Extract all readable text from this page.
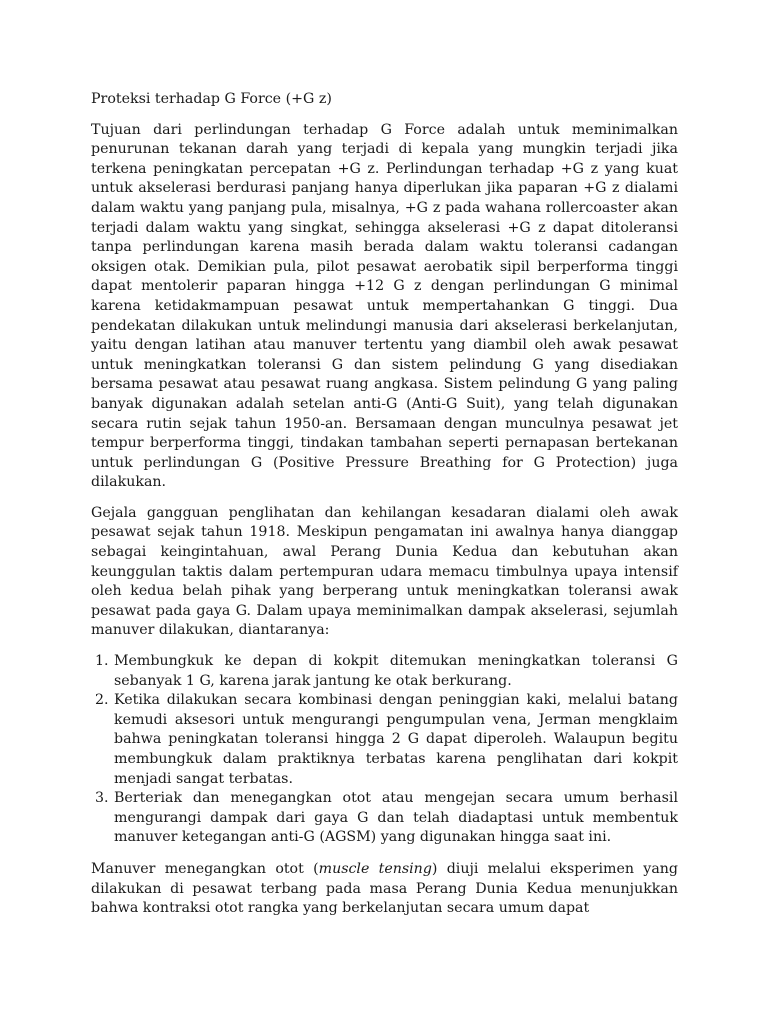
Proteksi terhadap G Force (+G z)

Tujuan dari perlindungan terhadap G Force adalah untuk meminimalkan penurunan tekanan darah yang terjadi di kepala yang mungkin terjadi jika terkena peningkatan percepatan +G z. Perlindungan terhadap +G z yang kuat untuk akselerasi berdurasi panjang hanya diperlukan jika paparan +G z dialami dalam waktu yang panjang pula, misalnya, +G z pada wahana rollercoaster akan terjadi dalam waktu yang singkat, sehingga akselerasi +G z dapat ditoleransi tanpa perlindungan karena masih berada dalam waktu toleransi cadangan oksigen otak. Demikian pula, pilot pesawat aerobatik sipil berperforma tinggi dapat mentolerir paparan hingga +12 G z dengan perlindungan G minimal karena ketidakmampuan pesawat untuk mempertahankan G tinggi. Dua pendekatan dilakukan untuk melindungi manusia dari akselerasi berkelanjutan, yaitu dengan latihan atau manuver tertentu yang diambil oleh awak pesawat untuk meningkatkan toleransi G dan sistem pelindung G yang disediakan bersama pesawat atau pesawat ruang angkasa. Sistem pelindung G yang paling banyak digunakan adalah setelan anti-G (Anti-G Suit), yang telah digunakan secara rutin sejak tahun 1950-an. Bersamaan dengan munculnya pesawat jet tempur berperforma tinggi, tindakan tambahan seperti pernapasan bertekanan untuk perlindungan G (Positive Pressure Breathing for G Protection) juga dilakukan.

Gejala gangguan penglihatan dan kehilangan kesadaran dialami oleh awak pesawat sejak tahun 1918. Meskipun pengamatan ini awalnya hanya dianggap sebagai keingintahuan, awal Perang Dunia Kedua dan kebutuhan akan keunggulan taktis dalam pertempuran udara memacu timbulnya upaya intensif oleh kedua belah pihak yang berperang untuk meningkatkan toleransi awak pesawat pada gaya G. Dalam upaya meminimalkan dampak akselerasi, sejumlah manuver dilakukan, diantaranya:

1. Membungkuk ke depan di kokpit ditemukan meningkatkan toleransi G sebanyak 1 G, karena jarak jantung ke otak berkurang.
2. Ketika dilakukan secara kombinasi dengan peninggian kaki, melalui batang kemudi aksesori untuk mengurangi pengumpulan vena, Jerman mengklaim bahwa peningkatan toleransi hingga 2 G dapat diperoleh. Walaupun begitu membungkuk dalam praktiknya terbatas karena penglihatan dari kokpit menjadi sangat terbatas.
3. Berteriak dan menegangkan otot atau mengejan secara umum berhasil mengurangi dampak dari gaya G dan telah diadaptasi untuk membentuk manuver ketegangan anti-G (AGSM) yang digunakan hingga saat ini.

Manuver menegangkan otot (muscle tensing) diuji melalui eksperimen yang dilakukan di pesawat terbang pada masa Perang Dunia Kedua menunjukkan bahwa kontraksi otot rangka yang berkelanjutan secara umum dapat
